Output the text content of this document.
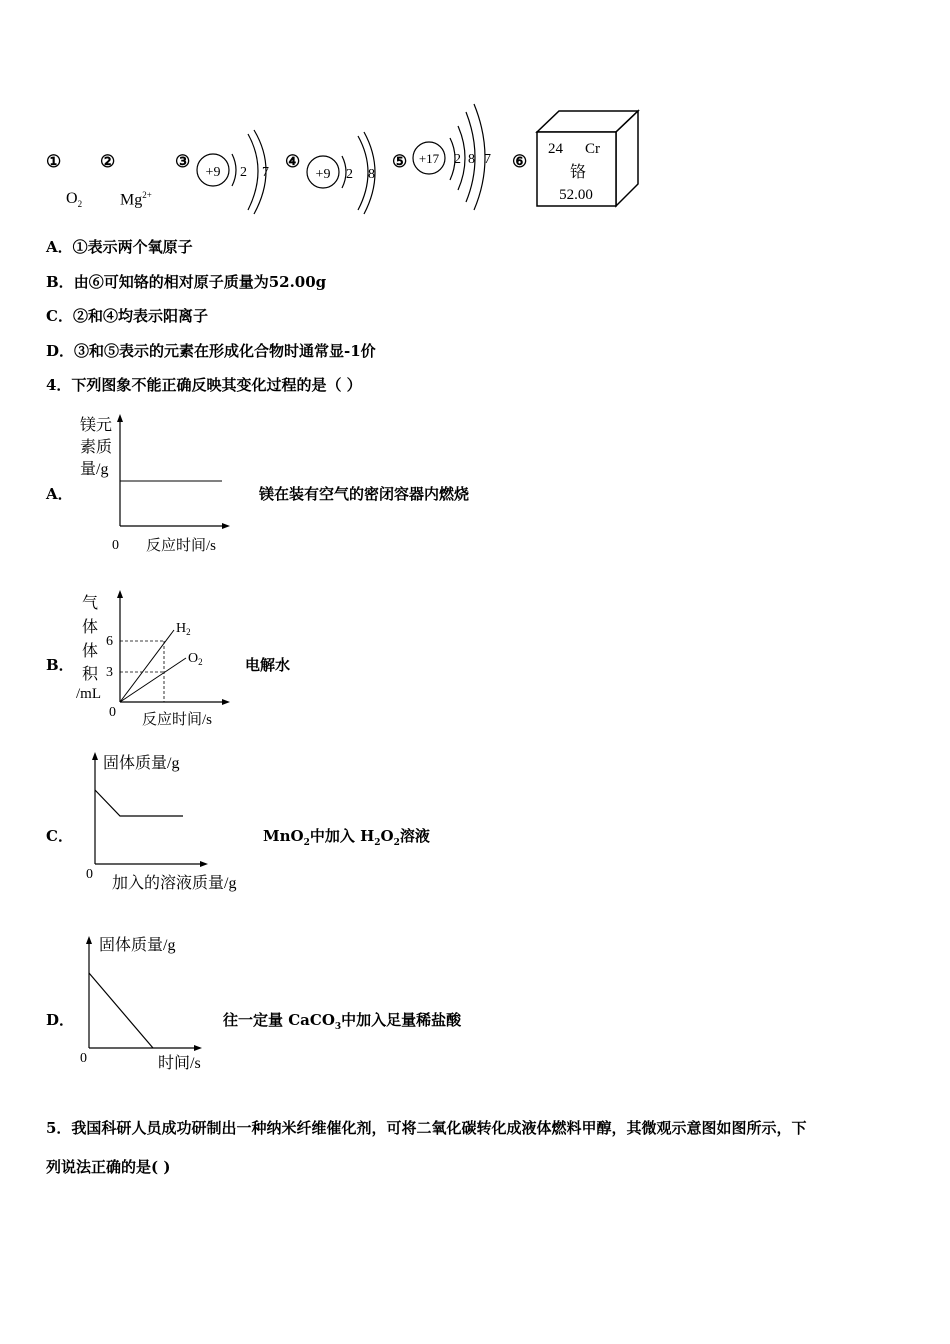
① ②
$O_2$ $Mg^{2+}$
③
+9 2 7
④
+9 2 8
⑤ +17 2 8 7 ⑥
24 Cr
铬
52.00
A．①表示两个氧原子
B．由⑥可知铬的相对原子质量为52.00g
C．②和④均表示阳离子
D．③和⑤表示的元素在形成化合物时通常显-1价
4．下列图象不能正确反映其变化过程的是（ ）
A．
镁元
素质
量/g
0 反应时间/s
镁在装有空气的密闭容器内燃烧
B．
气
体
体
积
/mL
6
3
$H_2$
$O_2$
0 反应时间/s
电解水
C．
固体质量/g
0
加入的溶液质量/g
MnO$_2$中加入 $H_2O_2$溶液
D．
固体质量/g
0	时间/s
往一定量 CaCO$_3$中加入足量稀盐酸
5．我国科研人员成功研制出一种纳米纤维催化剂，可将二氧化碳转化成液体燃料甲醇，其微观示意图如图所示，下
列说法正确的是( )
